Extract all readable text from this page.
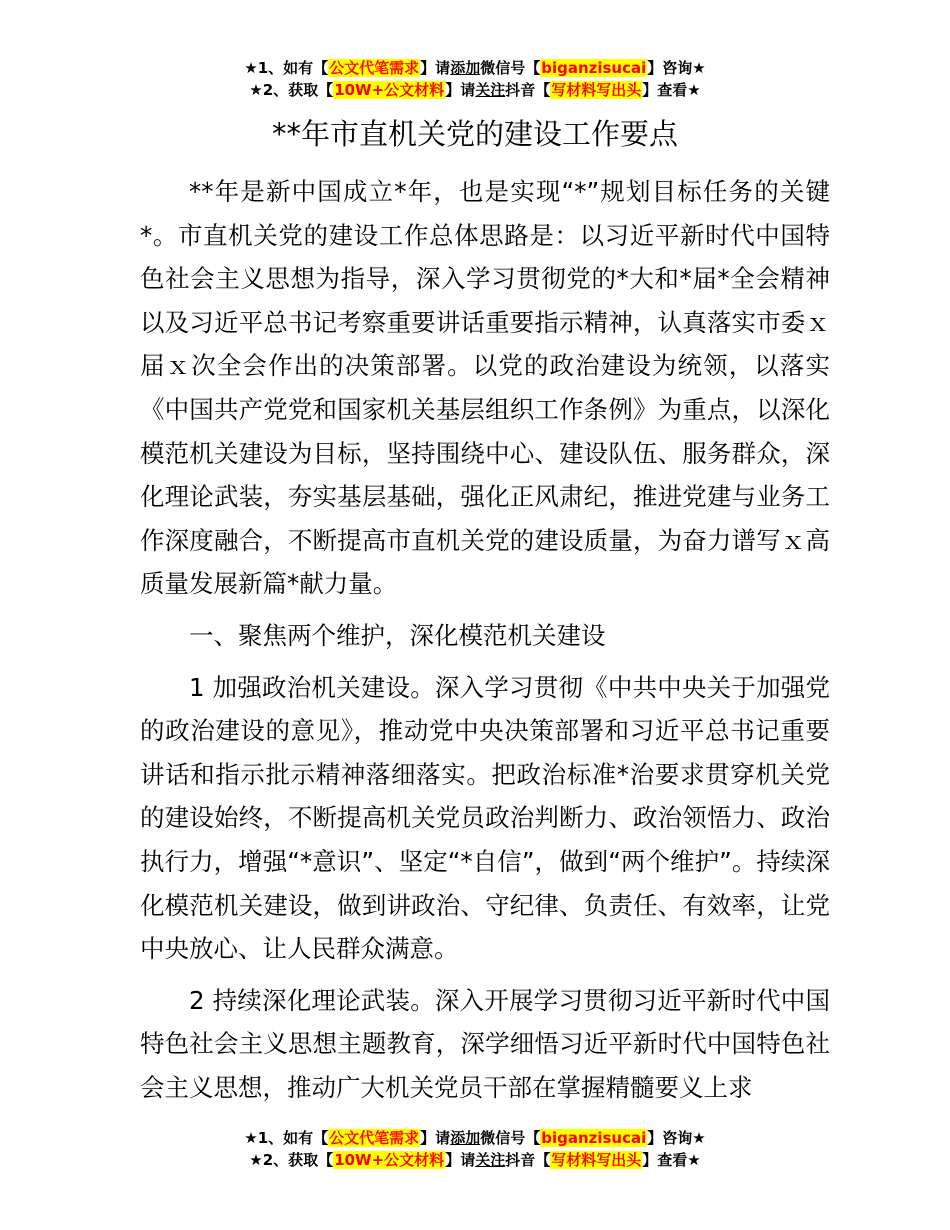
★1、如有【公文代笔需求】请添加微信号【biganzisucai】咨询★
★2、获取【10W+公文材料】请关注抖音【写材料写出头】查看★
**年市直机关党的建设工作要点

**年是新中国成立*年，也是实现“*”规划目标任务的关键*。市直机关党的建设工作总体思路是：以习近平新时代中国特色社会主义思想为指导，深入学习贯彻党的*大和*届*全会精神以及习近平总书记考察重要讲话重要指示精神，认真落实市委ｘ届ｘ次全会作出的决策部署。以党的政治建设为统领，以落实《中国共产党党和国家机关基层组织工作条例》为重点，以深化模范机关建设为目标，坚持围绕中心、建设队伍、服务群众，深化理论武装，夯实基层基础，强化正风肃纪，推进党建与业务工作深度融合，不断提高市直机关党的建设质量，为奋力谱写ｘ高质量发展新篇*献力量。

一、聚焦两个维护，深化模范机关建设

1 加强政治机关建设。深入学习贯彻《中共中央关于加强党的政治建设的意见》，推动党中央决策部署和习近平总书记重要讲话和指示批示精神落细落实。把政治标准*治要求贯穿机关党的建设始终，不断提高机关党员政治判断力、政治领悟力、政治执行力，增强“*意识”、坚定“*自信”，做到“两个维护”。持续深化模范机关建设，做到讲政治、守纪律、负责任、有效率，让党中央放心、让人民群众满意。

2 持续深化理论武装。深入开展学习贯彻习近平新时代中国特色社会主义思想主题教育，深学细悟习近平新时代中国特色社会主义思想，推动广大机关党员干部在掌握精髓要义上求

★1、如有【公文代笔需求】请添加微信号【biganzisucai】咨询★
★2、获取【10W+公文材料】请关注抖音【写材料写出头】查看★
